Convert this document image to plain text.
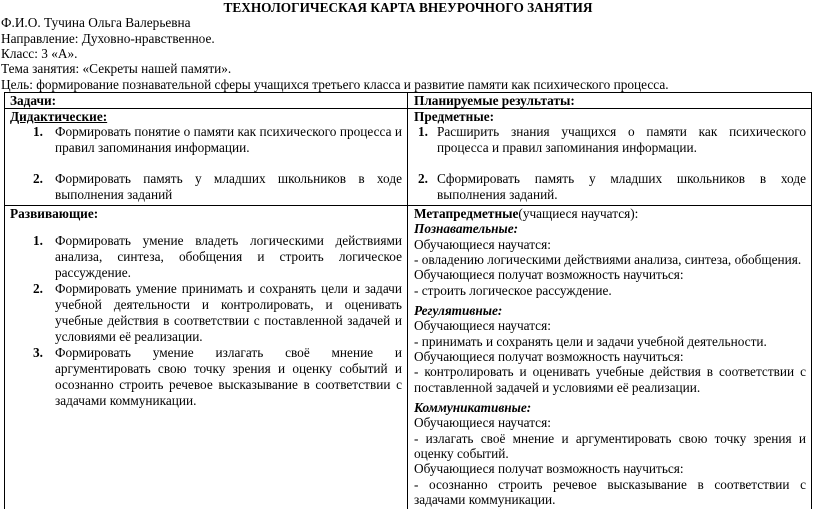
ТЕХНОЛОГИЧЕСКАЯ КАРТА ВНЕУРОЧНОГО ЗАНЯТИЯ
Ф.И.О. Тучина Ольга Валерьевна
Направление: Духовно-нравственное.
Класс: 3 «А».
Тема занятия: «Секреты нашей памяти».
Цель: формирование познавательной сферы учащихся третьего класса и развитие памяти как психического процесса.
Задачи:	Планируемые результаты:
Дидактические:
1. Формировать понятие о памяти как психического процесса и правил запоминания информации.
2. Формировать память у младших школьников в ходе выполнения заданий
Предметные:
1. Расширить знания учащихся о памяти как психического процесса и правил запоминания информации.
2. Сформировать память у младших школьников в ходе выполнения заданий.
Развивающие:
1. Формировать умение владеть логическими действиями анализа, синтеза, обобщения и строить логическое рассуждение.
2. Формировать умение принимать и сохранять цели и задачи учебной деятельности и контролировать, и оценивать учебные действия в соответствии с поставленной задачей и условиями её реализации.
3. Формировать умение излагать своё мнение и аргументировать свою точку зрения и оценку событий и осознанно строить речевое высказывание в соответствии с задачами коммуникации.
Метапредметные(учащиеся научатся):
Познавательные:
Обучающиеся научатся:
- овладению логическими действиями анализа, синтеза, обобщения.
Обучающиеся получат возможность научиться:
- строить логическое рассуждение.
Регулятивные:
Обучающиеся научатся:
- принимать и сохранять цели и задачи учебной деятельности.
Обучающиеся получат возможность научиться:
- контролировать и оценивать учебные действия в соответствии с поставленной задачей и условиями её реализации.
Коммуникативные:
Обучающиеся научатся:
- излагать своё мнение и аргументировать свою точку зрения и оценку событий.
Обучающиеся получат возможность научиться:
- осознанно строить речевое высказывание в соответствии с задачами коммуникации.
